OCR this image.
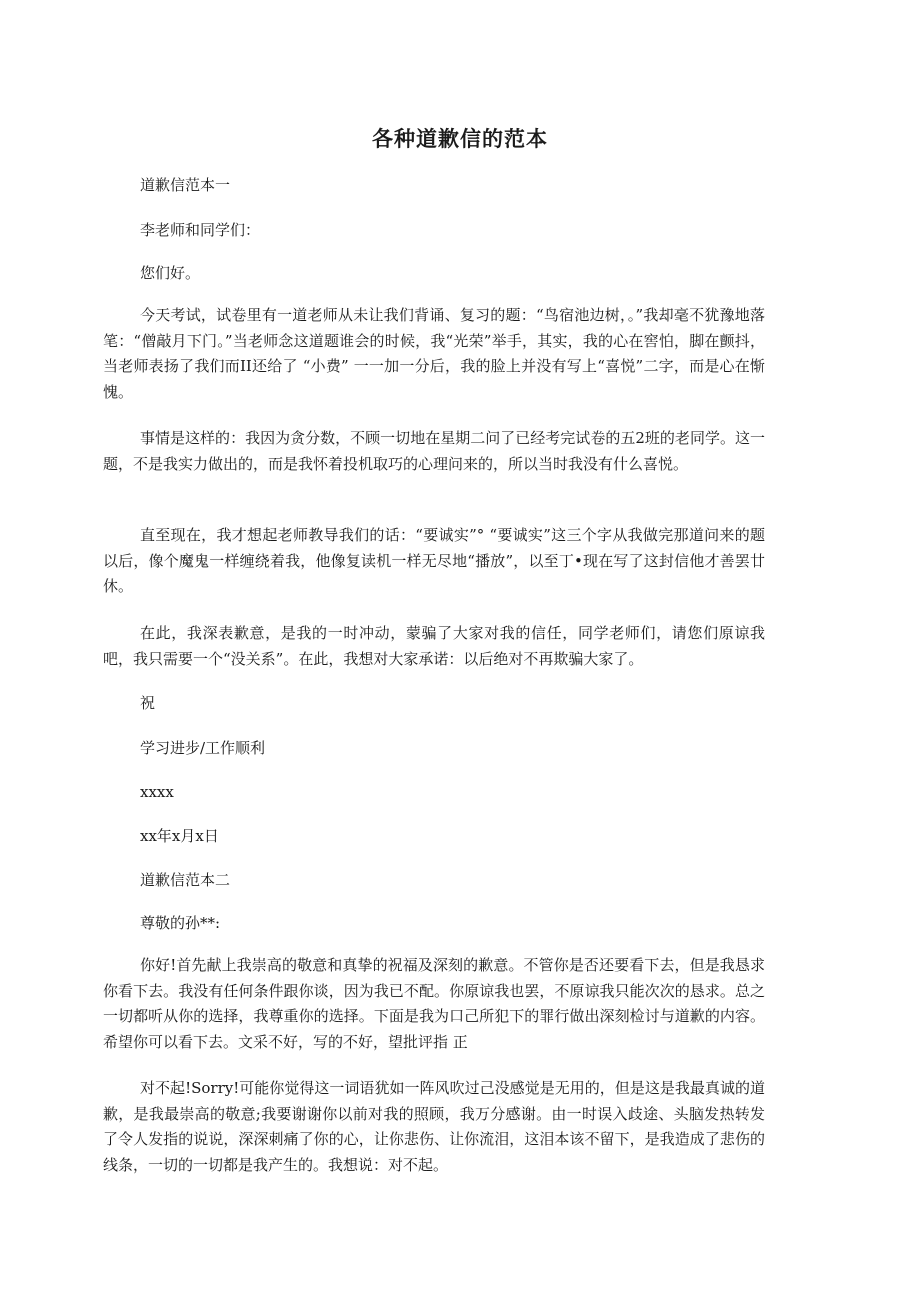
各种道歉信的范本
道歉信范本一
李老师和同学们：
您们好。

今天考试，试卷里有一道老师从未让我们背诵、复习的题：“鸟宿池边树，。”我却毫不犹豫地落笔：“僧敲月下门。”当老师念这道题谁会的时候，我“光荣”举手，其实，我的心在窖怕，脚在颤抖，当老师表扬了我们而II还给了 “小费” 一一加一分后，我的脸上并没有写上“喜悦”二字，而是心在惭愧。

事情是这样的：我因为贪分数，不顾一切地在星期二问了已经考完试卷的五2班的老同学。这一题，不是我实力做出的，而是我怀着投机取巧的心理问来的，所以当时我没有什么喜悦。

直至现在，我才想起老师教导我们的话：“要诚实”° “要诚实”这三个字从我做完那道问来的题以后，像个魔鬼一样缠绕着我，他像复读机一样无尽地“播放”，以至丁•现在写了这封信他才善罢廿休。

在此，我深表歉意，是我的一时冲动，蒙骗了大家对我的信任，同学老师们，请您们原谅我吧，我只需要一个“没关系”。在此，我想对大家承诺：以后绝对不再欺骗大家了。

祝
学习进步/工作顺利
xxxx
xx年x月x日
道歉信范本二
尊敬的孙**:

你好!首先献上我崇高的敬意和真挚的祝福及深刻的歉意。不管你是否还要看下去，但是我恳求你看下去。我没有任何条件跟你谈，因为我已不配。你原谅我也罢，不原谅我只能次次的恳求。总之一切都听从你的选择，我尊重你的选择。下面是我为口己所犯下的罪行做出深刻检讨与道歉的内容。希望你可以看下去。文采不好，写的不好，望批评指 正

对不起!Sorry!可能你觉得这一词语犹如一阵风吹过己没感觉是无用的，但是这是我最真诚的道歉，是我最崇高的敬意;我要谢谢你以前对我的照顾，我万分感谢。由一时误入歧途、头脑发热转发了令人发指的说说，深深刺痛了你的心，让你悲伤、让你流泪，这泪本该不留下，是我造成了悲伤的线条，一切的一切都是我产生的。我想说：对不起。
